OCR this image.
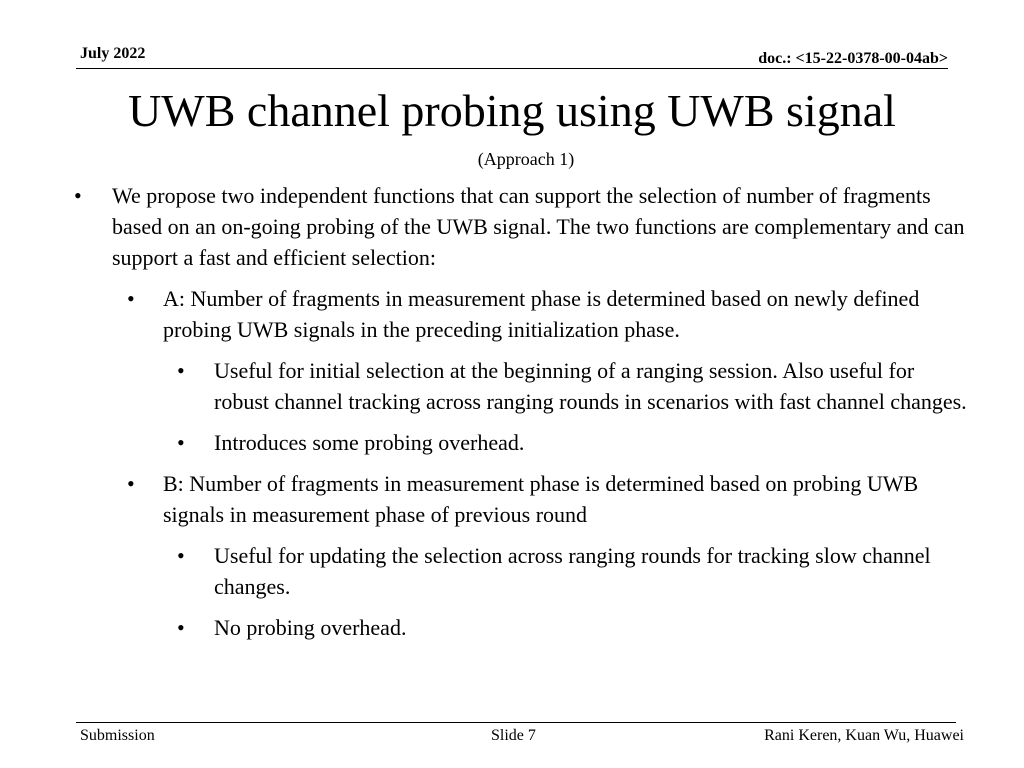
July 2022	doc.: <15-22-0378-00-04ab>
UWB channel probing using UWB signal
(Approach 1)
• We propose two independent functions that can support the selection of number of fragments based on an on-going probing of the UWB signal. The two functions are complementary and can support a fast and efficient selection:
• A: Number of fragments in measurement phase is determined based on newly defined probing UWB signals in the preceding initialization phase.
• Useful for initial selection at the beginning of a ranging session. Also useful for robust channel tracking across ranging rounds in scenarios with fast channel changes.
• Introduces some probing overhead.
• B: Number of fragments in measurement phase is determined based on probing UWB signals in measurement phase of previous round
• Useful for updating the selection across ranging rounds for tracking slow channel changes.
• No probing overhead.
Submission	Slide 7	Rani Keren, Kuan Wu, Huawei
